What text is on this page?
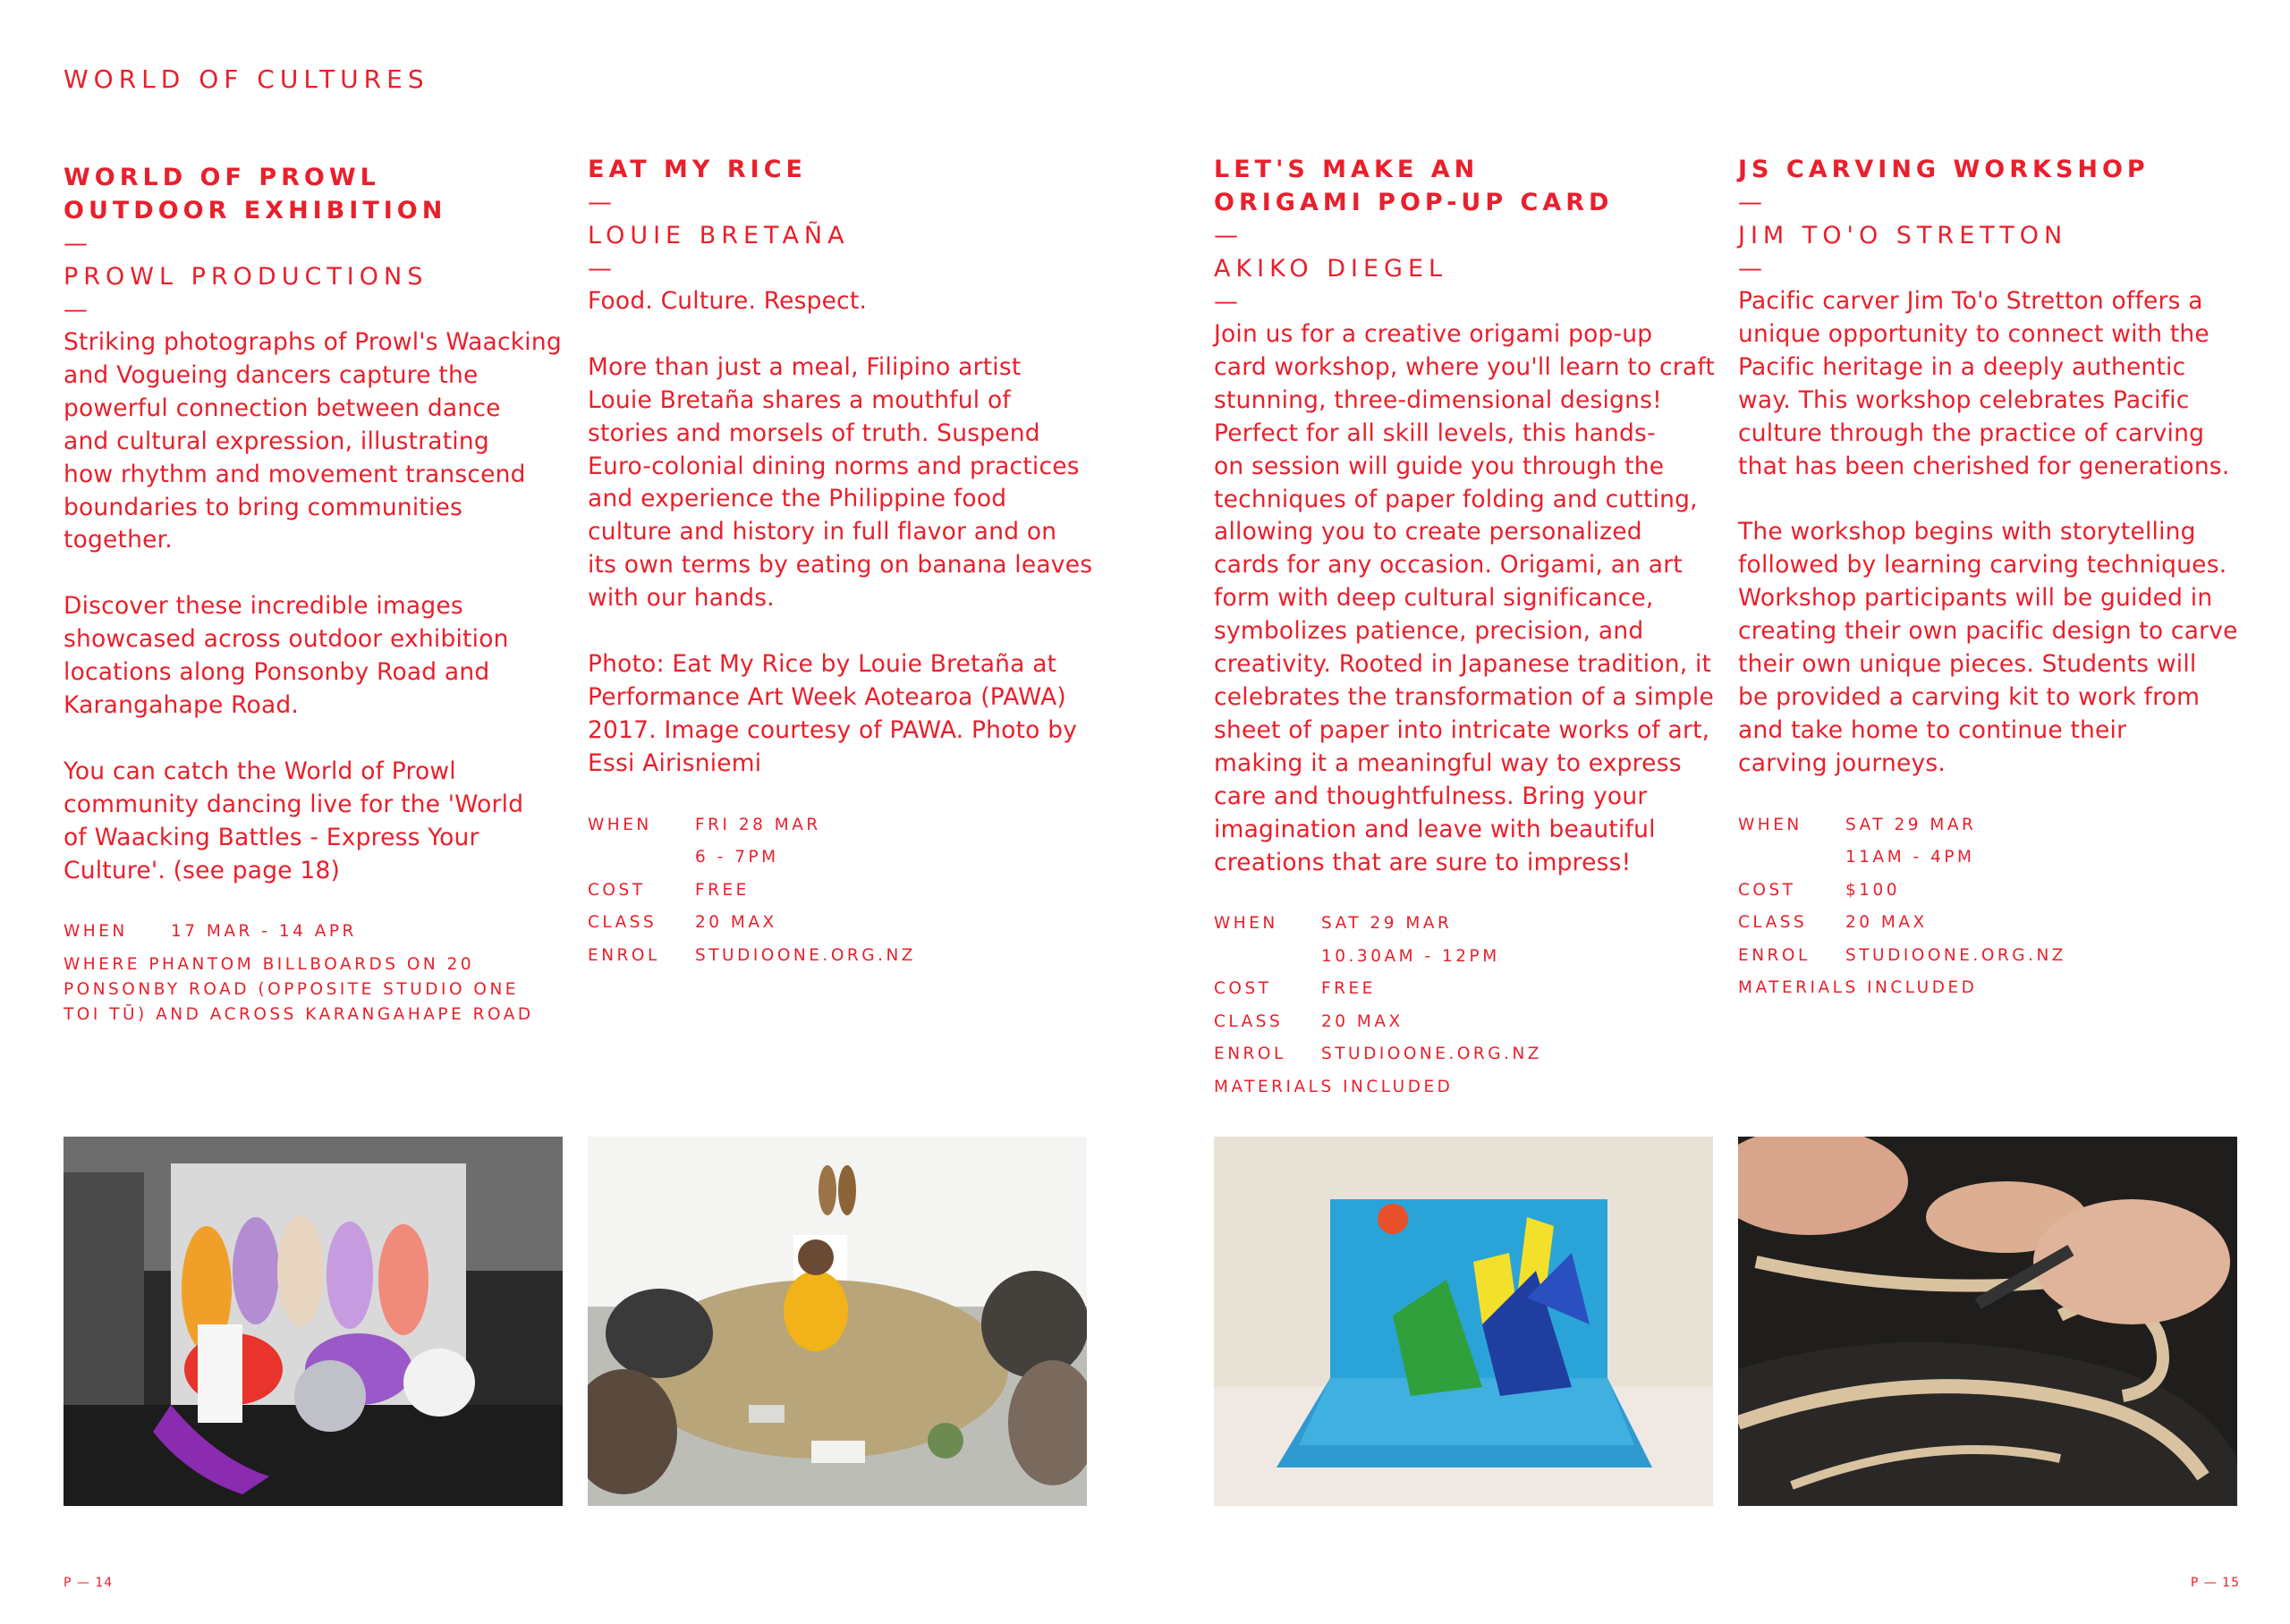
WORLD OF CULTURES
WORLD OF PROWL
OUTDOOR EXHIBITION
—
PROWL PRODUCTIONS
—

Striking photographs of Prowl's Waacking
and Vogueing dancers capture the
powerful connection between dance
and cultural expression, illustrating
how rhythm and movement transcend
boundaries to bring communities
together.

Discover these incredible images
showcased across outdoor exhibition
locations along Ponsonby Road and
Karangahape Road.

You can catch the World of Prowl
community dancing live for the 'World
of Waacking Battles - Express Your
Culture'. (see page 18)

WHEN	17 MAR - 14 APR
WHERE PHANTOM BILLBOARDS ON 20
PONSONBY ROAD (OPPOSITE STUDIO ONE
TOI TŪ) AND ACROSS KARANGAHAPE ROAD
EAT MY RICE
—
LOUIE BRETAÑA
—

Food. Culture. Respect.

More than just a meal, Filipino artist
Louie Bretaña shares a mouthful of
stories and morsels of truth. Suspend
Euro-colonial dining norms and practices
and experience the Philippine food
culture and history in full flavor and on
its own terms by eating on banana leaves
with our hands.

Photo: Eat My Rice by Louie Bretaña at
Performance Art Week Aotearoa (PAWA)
2017. Image courtesy of PAWA. Photo by
Essi Airisniemi

WHEN	FRI 28 MAR
6 - 7PM
COST	FREE
CLASS	20 MAX
ENROL	STUDIOONE.ORG.NZ
LET'S MAKE AN
ORIGAMI POP-UP CARD
—
AKIKO DIEGEL
—

Join us for a creative origami pop-up
card workshop, where you'll learn to craft
stunning, three-dimensional designs!
Perfect for all skill levels, this hands-
on session will guide you through the
techniques of paper folding and cutting,
allowing you to create personalized
cards for any occasion. Origami, an art
form with deep cultural significance,
symbolizes patience, precision, and
creativity. Rooted in Japanese tradition, it
celebrates the transformation of a simple
sheet of paper into intricate works of art,
making it a meaningful way to express
care and thoughtfulness. Bring your
imagination and leave with beautiful
creations that are sure to impress!

WHEN	SAT 29 MAR
10.30AM - 12PM
COST	FREE
CLASS	20 MAX
ENROL	STUDIOONE.ORG.NZ
MATERIALS INCLUDED
JS CARVING WORKSHOP
—
JIM TO'O STRETTON
—

Pacific carver Jim To'o Stretton offers a
unique opportunity to connect with the
Pacific heritage in a deeply authentic
way. This workshop celebrates Pacific
culture through the practice of carving
that has been cherished for generations.

The workshop begins with storytelling
followed by learning carving techniques.
Workshop participants will be guided in
creating their own pacific design to carve
their own unique pieces. Students will
be provided a carving kit to work from
and take home to continue their
carving journeys.

WHEN	SAT 29 MAR
11AM - 4PM
COST	$100
CLASS	20 MAX
ENROL	STUDIOONE.ORG.NZ
MATERIALS INCLUDED
P — 14	P — 15
